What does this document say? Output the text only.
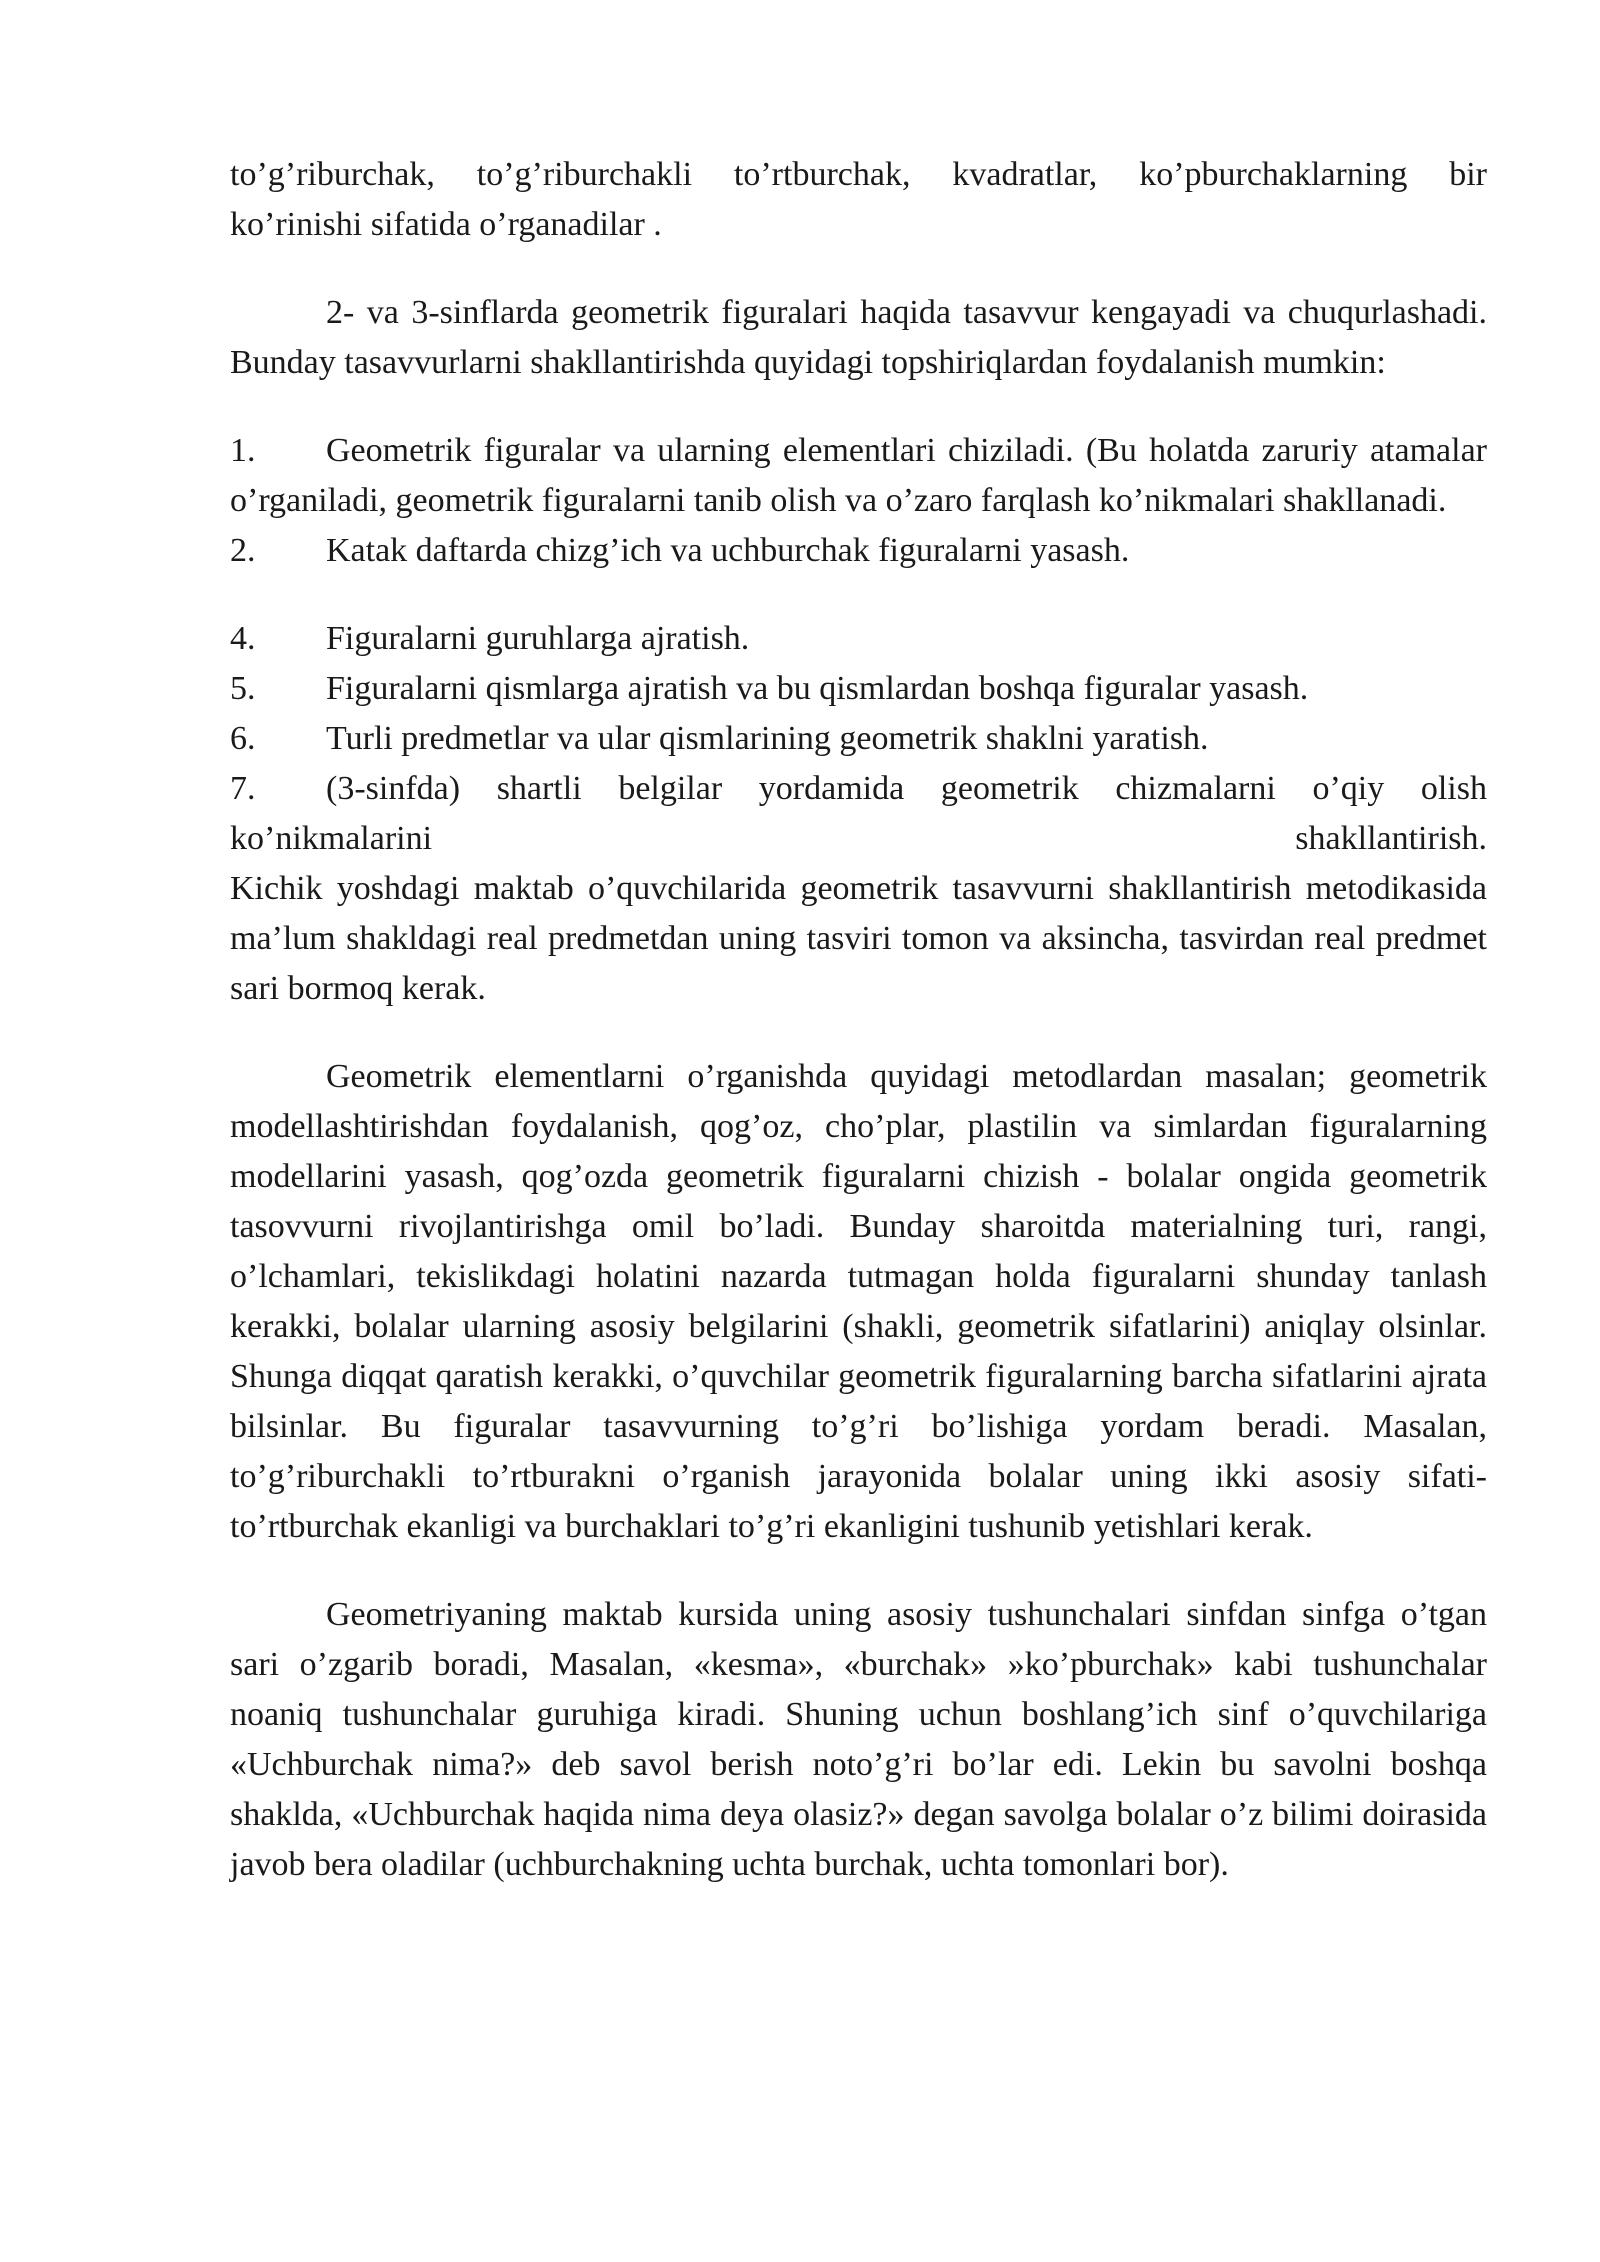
to’g’riburchak, to’g’riburchakli to’rtburchak, kvadratlar, ko’pburchaklarning bir

ko’rinishi sifatida o’rganadilar .

2- va 3-sinflarda geometrik figuralari haqida tasavvur kengayadi va chuqurlashadi. Bunday tasavvurlarni shakllantirishda quyidagi topshiriqlardan foydalanish mumkin:

1. Geometrik figuralar va ularning elementlari chiziladi. (Bu holatda zaruriy atamalar o’rganiladi, geometrik figuralarni tanib olish va o’zaro farqlash ko’nikmalari shakllanadi.

2. Katak daftarda chizg’ich va uchburchak figuralarni yasash.

4. Figuralarni guruhlarga ajratish.

5. Figuralarni qismlarga ajratish va bu qismlardan boshqa figuralar yasash.

6. Turli predmetlar va ular qismlarining geometrik shaklni yaratish.

7. (3-sinfda) shartli belgilar yordamida geometrik chizmalarni o’qiy olish

ko’nikmalarini	shakllantirish.

Kichik yoshdagi maktab o’quvchilarida geometrik tasavvurni shakllantirish metodikasida ma’lum shakldagi real predmetdan uning tasviri tomon va aksincha, tasvirdan real predmet sari bormoq kerak.

Geometrik elementlarni o’rganishda quyidagi metodlardan masalan; geometrik modellashtirishdan foydalanish, qog’oz, cho’plar, plastilin va simlardan figuralarning modellarini yasash, qog’ozda geometrik figuralarni chizish - bolalar ongida geometrik tasovvurni rivojlantirishga omil bo’ladi. Bunday sharoitda materialning turi, rangi, o’lchamlari, tekislikdagi holatini nazarda tutmagan holda figuralarni shunday tanlash kerakki, bolalar ularning asosiy belgilarini (shakli, geometrik sifatlarini) aniqlay olsinlar. Shunga diqqat qaratish kerakki, o’quvchilar geometrik figuralarning barcha sifatlarini ajrata bilsinlar. Bu figuralar tasavvurning to’g’ri bo’lishiga yordam beradi. Masalan, to’g’riburchakli to’rtburakni o’rganish jarayonida bolalar uning ikki asosiy sifati-to’rtburchak ekanligi va burchaklari to’g’ri ekanligini tushunib yetishlari kerak.

Geometriyaning maktab kursida uning asosiy tushunchalari sinfdan sinfga o’tgan sari o’zgarib boradi, Masalan, «kesma», «burchak» »ko’pburchak» kabi tushunchalar noaniq tushunchalar guruhiga kiradi. Shuning uchun boshlang’ich sinf o’quvchilariga «Uchburchak nima?» deb savol berish noto’g’ri bo’lar edi. Lekin bu savolni boshqa shaklda, «Uchburchak haqida nima deya olasiz?» degan savolga bolalar o’z bilimi doirasida javob bera oladilar (uchburchakning uchta burchak, uchta tomonlari bor).
